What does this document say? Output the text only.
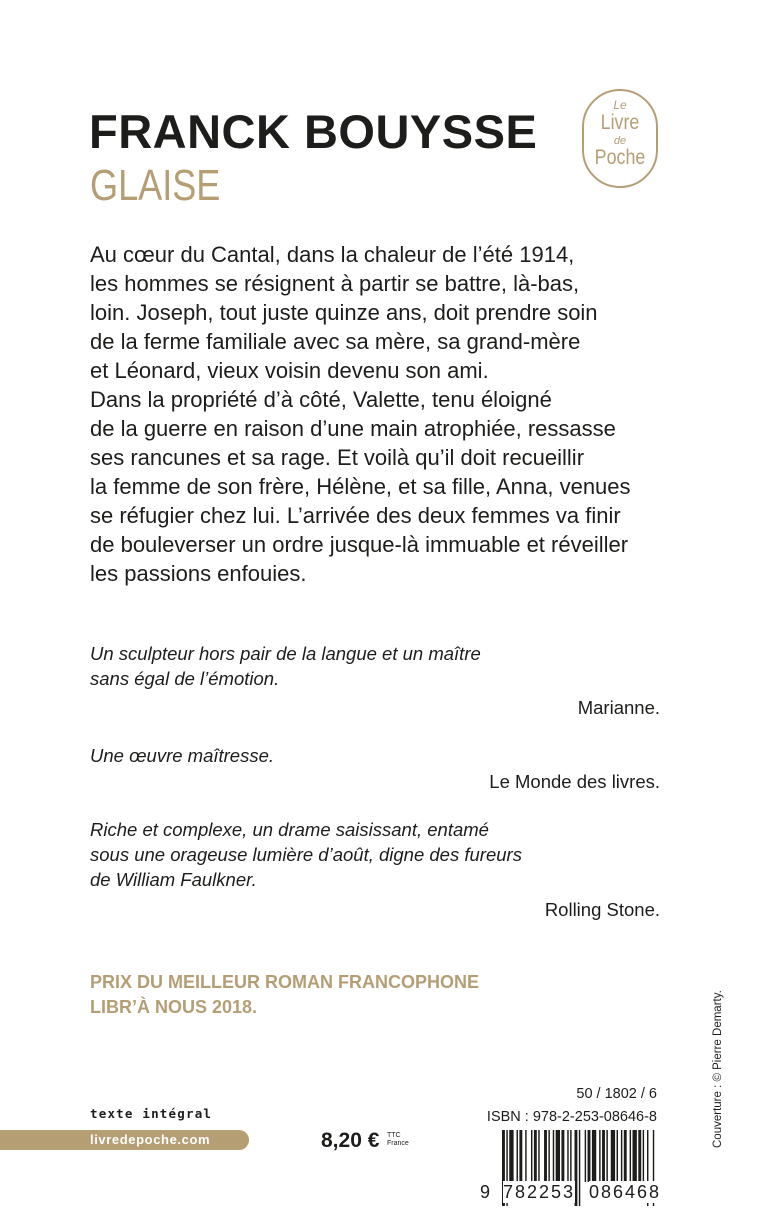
FRANCK BOUYSSE
GLAISE
Le
Livre
de
Poche

Au cœur du Cantal, dans la chaleur de l’été 1914,
les hommes se résignent à partir se battre, là-bas,
loin. Joseph, tout juste quinze ans, doit prendre soin
de la ferme familiale avec sa mère, sa grand-mère
et Léonard, vieux voisin devenu son ami.
Dans la propriété d’à côté, Valette, tenu éloigné
de la guerre en raison d’une main atrophiée, ressasse
ses rancunes et sa rage. Et voilà qu’il doit recueillir
la femme de son frère, Hélène, et sa fille, Anna, venues
se réfugier chez lui. L’arrivée des deux femmes va finir
de bouleverser un ordre jusque-là immuable et réveiller
les passions enfouies.

Un sculpteur hors pair de la langue et un maître
sans égal de l’émotion.
Marianne.
Une œuvre maîtresse.
Le Monde des livres.
Riche et complexe, un drame saisissant, entamé
sous une orageuse lumière d’août, digne des fureurs
de William Faulkner.
Rolling Stone.
PRIX DU MEILLEUR ROMAN FRANCOPHONE
LIBR’À NOUS 2018.	Couverture : © Pierre Demarty.
texte intégral
livredepoche.com	8,20 € TTC
France
50 / 1802 / 6
ISBN : 978-2-253-08646-8
9 782253 086468
